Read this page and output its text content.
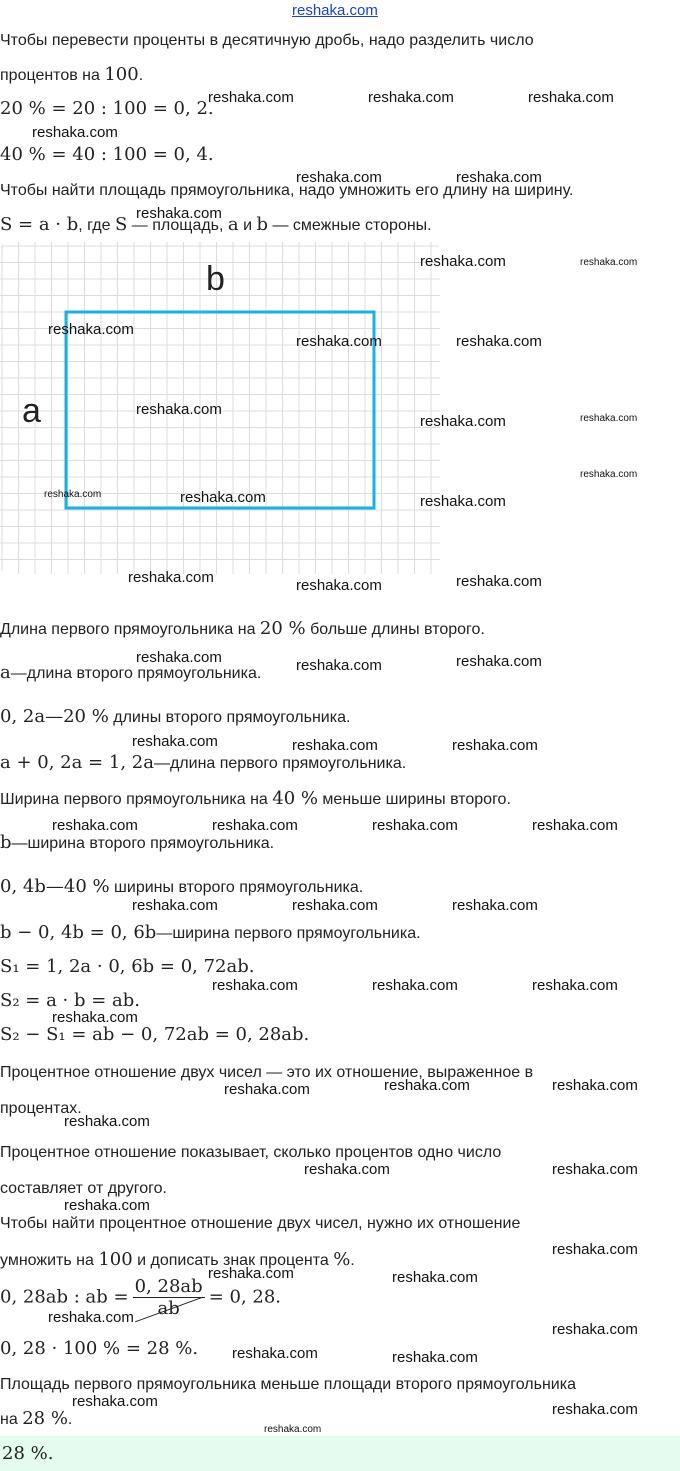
reshaka.com
Чтобы перевести проценты в десятичную дробь, надо разделить число
процентов на 100.
20 % = 20 : 100 = 0, 2.
40 % = 40 : 100 = 0, 4.
Чтобы найти площадь прямоугольника, надо умножить его длину на ширину.
S = a · b, где S — площадь, a и b — смежные стороны.
b
a
Длина первого прямоугольника на 20 % больше длины второго.
a—длина второго прямоугольника.
0, 2a—20 % длины второго прямоугольника.
a + 0, 2a = 1, 2a—длина первого прямоугольника.
Ширина первого прямоугольника на 40 % меньше ширины второго.
b—ширина второго прямоугольника.
0, 4b—40 % ширины второго прямоугольника.
b − 0, 4b = 0, 6b—ширина первого прямоугольника.
S₁ = 1, 2a · 0, 6b = 0, 72ab.
S₂ = a · b = ab.
S₂ − S₁ = ab − 0, 72ab = 0, 28ab.
Процентное отношение двух чисел — это их отношение, выраженное в
процентах.
Процентное отношение показывает, сколько процентов одно число
составляет от другого.
Чтобы найти процентное отношение двух чисел, нужно их отношение
умножить на 100 и дописать знак процента %.
0, 28ab : ab = $\frac{0, 28ab}{ab} = 0$, 28.
0, 28 · 100 % = 28 %.
Площадь первого прямоугольника меньше площади второго прямоугольника
на 28 %.
28 %.
reshaka.com	reshaka.com	reshaka.com
reshaka.com
reshaka.com	reshaka.com
reshaka.com
reshaka.com	reshaka.com
reshaka.com
reshaka.com	reshaka.com
reshaka.com
reshaka.com	reshaka.com
reshaka.com
reshaka.com	reshaka.com	reshaka.com
reshaka.com	reshaka.com	reshaka.com
reshaka.com	reshaka.com	reshaka.com
reshaka.com	reshaka.com	reshaka.com
reshaka.com	reshaka.com	reshaka.com	reshaka.com
reshaka.com	reshaka.com	reshaka.com
reshaka.com	reshaka.com	reshaka.com
reshaka.com
reshaka.com	reshaka.com
reshaka.com
reshaka.com
reshaka.com	reshaka.com
reshaka.com
reshaka.com
reshaka.com	reshaka.com
reshaka.com
reshaka.com
reshaka.com	reshaka.com
reshaka.com	reshaka.com
reshaka.com
